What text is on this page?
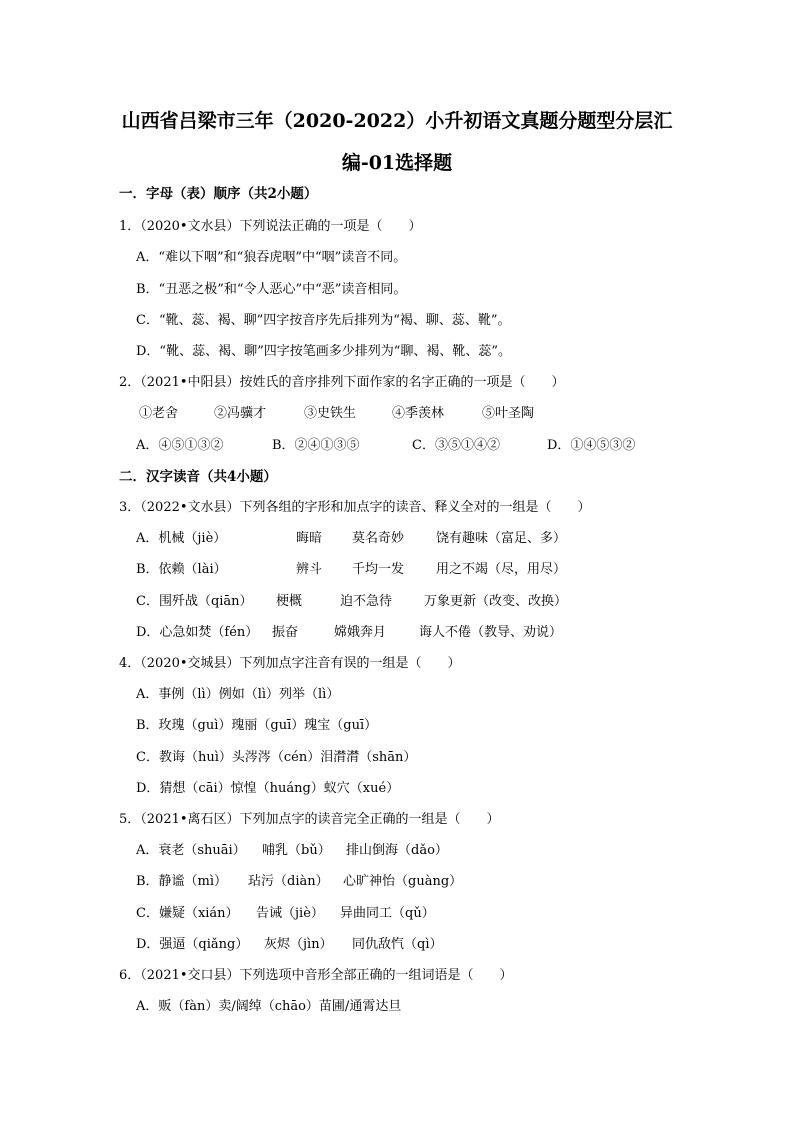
山西省吕梁市三年（2020-2022）小升初语文真题分题型分层汇
编-01选择题
一．字母（表）顺序（共2小题）
1．（2020•文水县）下列说法正确的一项是（　　）
A．“难以下咽”和“狼吞虎咽”中“咽”读音不同。
B．“丑恶之极”和“令人恶心”中“恶”读音相同。
C．“靴、蕊、褐、聊”四字按音序先后排列为“褐、聊、蕊、靴”。
D．“靴、蕊、褐、聊”四字按笔画多少排列为“聊、褐、靴、蕊”。
2．（2021•中阳县）按姓氏的音序排列下面作家的名字正确的一项是（　　）
①老舍	②冯骥才	③史铁生	④季羡林	⑤叶圣陶
A．④⑤①③②	B．②④①③⑤	C．③⑤①④②	D．①④⑤③②
二．汉字读音（共4小题）
3．（2022•文水县）下列各组的字形和加点字的读音、释义全对的一组是（　　）
A．机械（jiè）	晦暗 莫名奇妙 饶有趣味（富足、多）
B．依赖（lài）	辨斗 千均一发 用之不竭（尽，用尽）
C．围歼战（qiān） 梗概	迫不急待 万象更新（改变、改换）
D．心急如焚（fén） 振奋	嫦娥奔月	诲人不倦（教导、劝说）
4．（2020•交城县）下列加点字注音有误的一组是（　　）
A．事例（lì）例如（lì）列举（lì）
B．玫瑰（guì）瑰丽（guī）瑰宝（guī）
C．教诲（huì）头涔涔（cén）泪潸潸（shān）
D．猜想（cāi）惊惶（huáng）蚁穴（xué）
5．（2021•离石区）下列加点字的读音完全正确的一组是（　　）
A．衰老（shuāi） 哺乳（bǔ） 排山倒海（dǎo）
B．静谧（mì） 玷污（diàn） 心旷神怡（guàng）
C．嫌疑（xián） 告诫（jiè） 异曲同工（qǔ）
D．强逼（qiǎng） 灰烬（jìn） 同仇敌忾（qì）
6．（2021•交口县）下列选项中音形全部正确的一组词语是（　　）
A．贩（fàn）卖/阔绰（chāo）苗圃/通霄达旦
